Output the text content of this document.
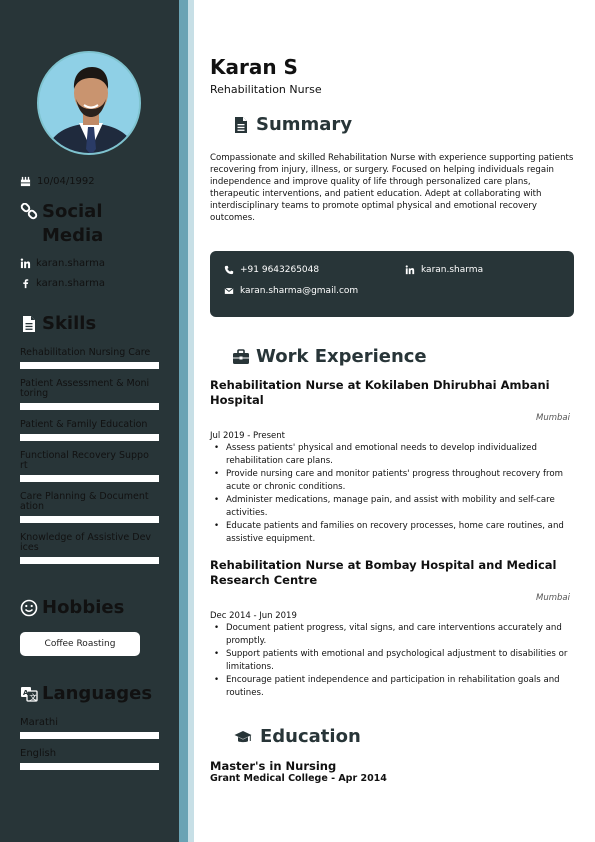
10/04/1992
Social Media
karan.sharma
karan.sharma
Skills
Rehabilitation Nursing Care
Patient Assessment & Moni toring
Patient & Family Education
Functional Recovery Suppo rt
Care Planning & Document ation
Knowledge of Assistive Dev ices
Hobbies
Coffee Roasting
A
文 Languages
Marathi
English
Karan S
Rehabilitation Nurse
Summary
Compassionate and skilled Rehabilitation Nurse with experience supporting patients recovering from injury, illness, or surgery. Focused on helping individuals regain independence and improve quality of life through personalized care plans, therapeutic interventions, and patient education. Adept at collaborating with interdisciplinary teams to promote optimal physical and emotional recovery outcomes.
+91 9643265048	karan.sharma
karan.sharma@gmail.com
Work Experience
Rehabilitation Nurse at Kokilaben Dhirubhai Ambani Hospital
Mumbai
Jul 2019 - Present
• Assess patients' physical and emotional needs to develop individualized rehabilitation care plans.
• Provide nursing care and monitor patients' progress throughout recovery from acute or chronic conditions.
• Administer medications, manage pain, and assist with mobility and self-care activities.
• Educate patients and families on recovery processes, home care routines, and assistive equipment.
Rehabilitation Nurse at Bombay Hospital and Medical Research Centre
Mumbai
Dec 2014 - Jun 2019
• Document patient progress, vital signs, and care interventions accurately and promptly.
• Support patients with emotional and psychological adjustment to disabilities or limitations.
• Encourage patient independence and participation in rehabilitation goals and routines.
Education
Master's in Nursing
Grant Medical College - Apr 2014
